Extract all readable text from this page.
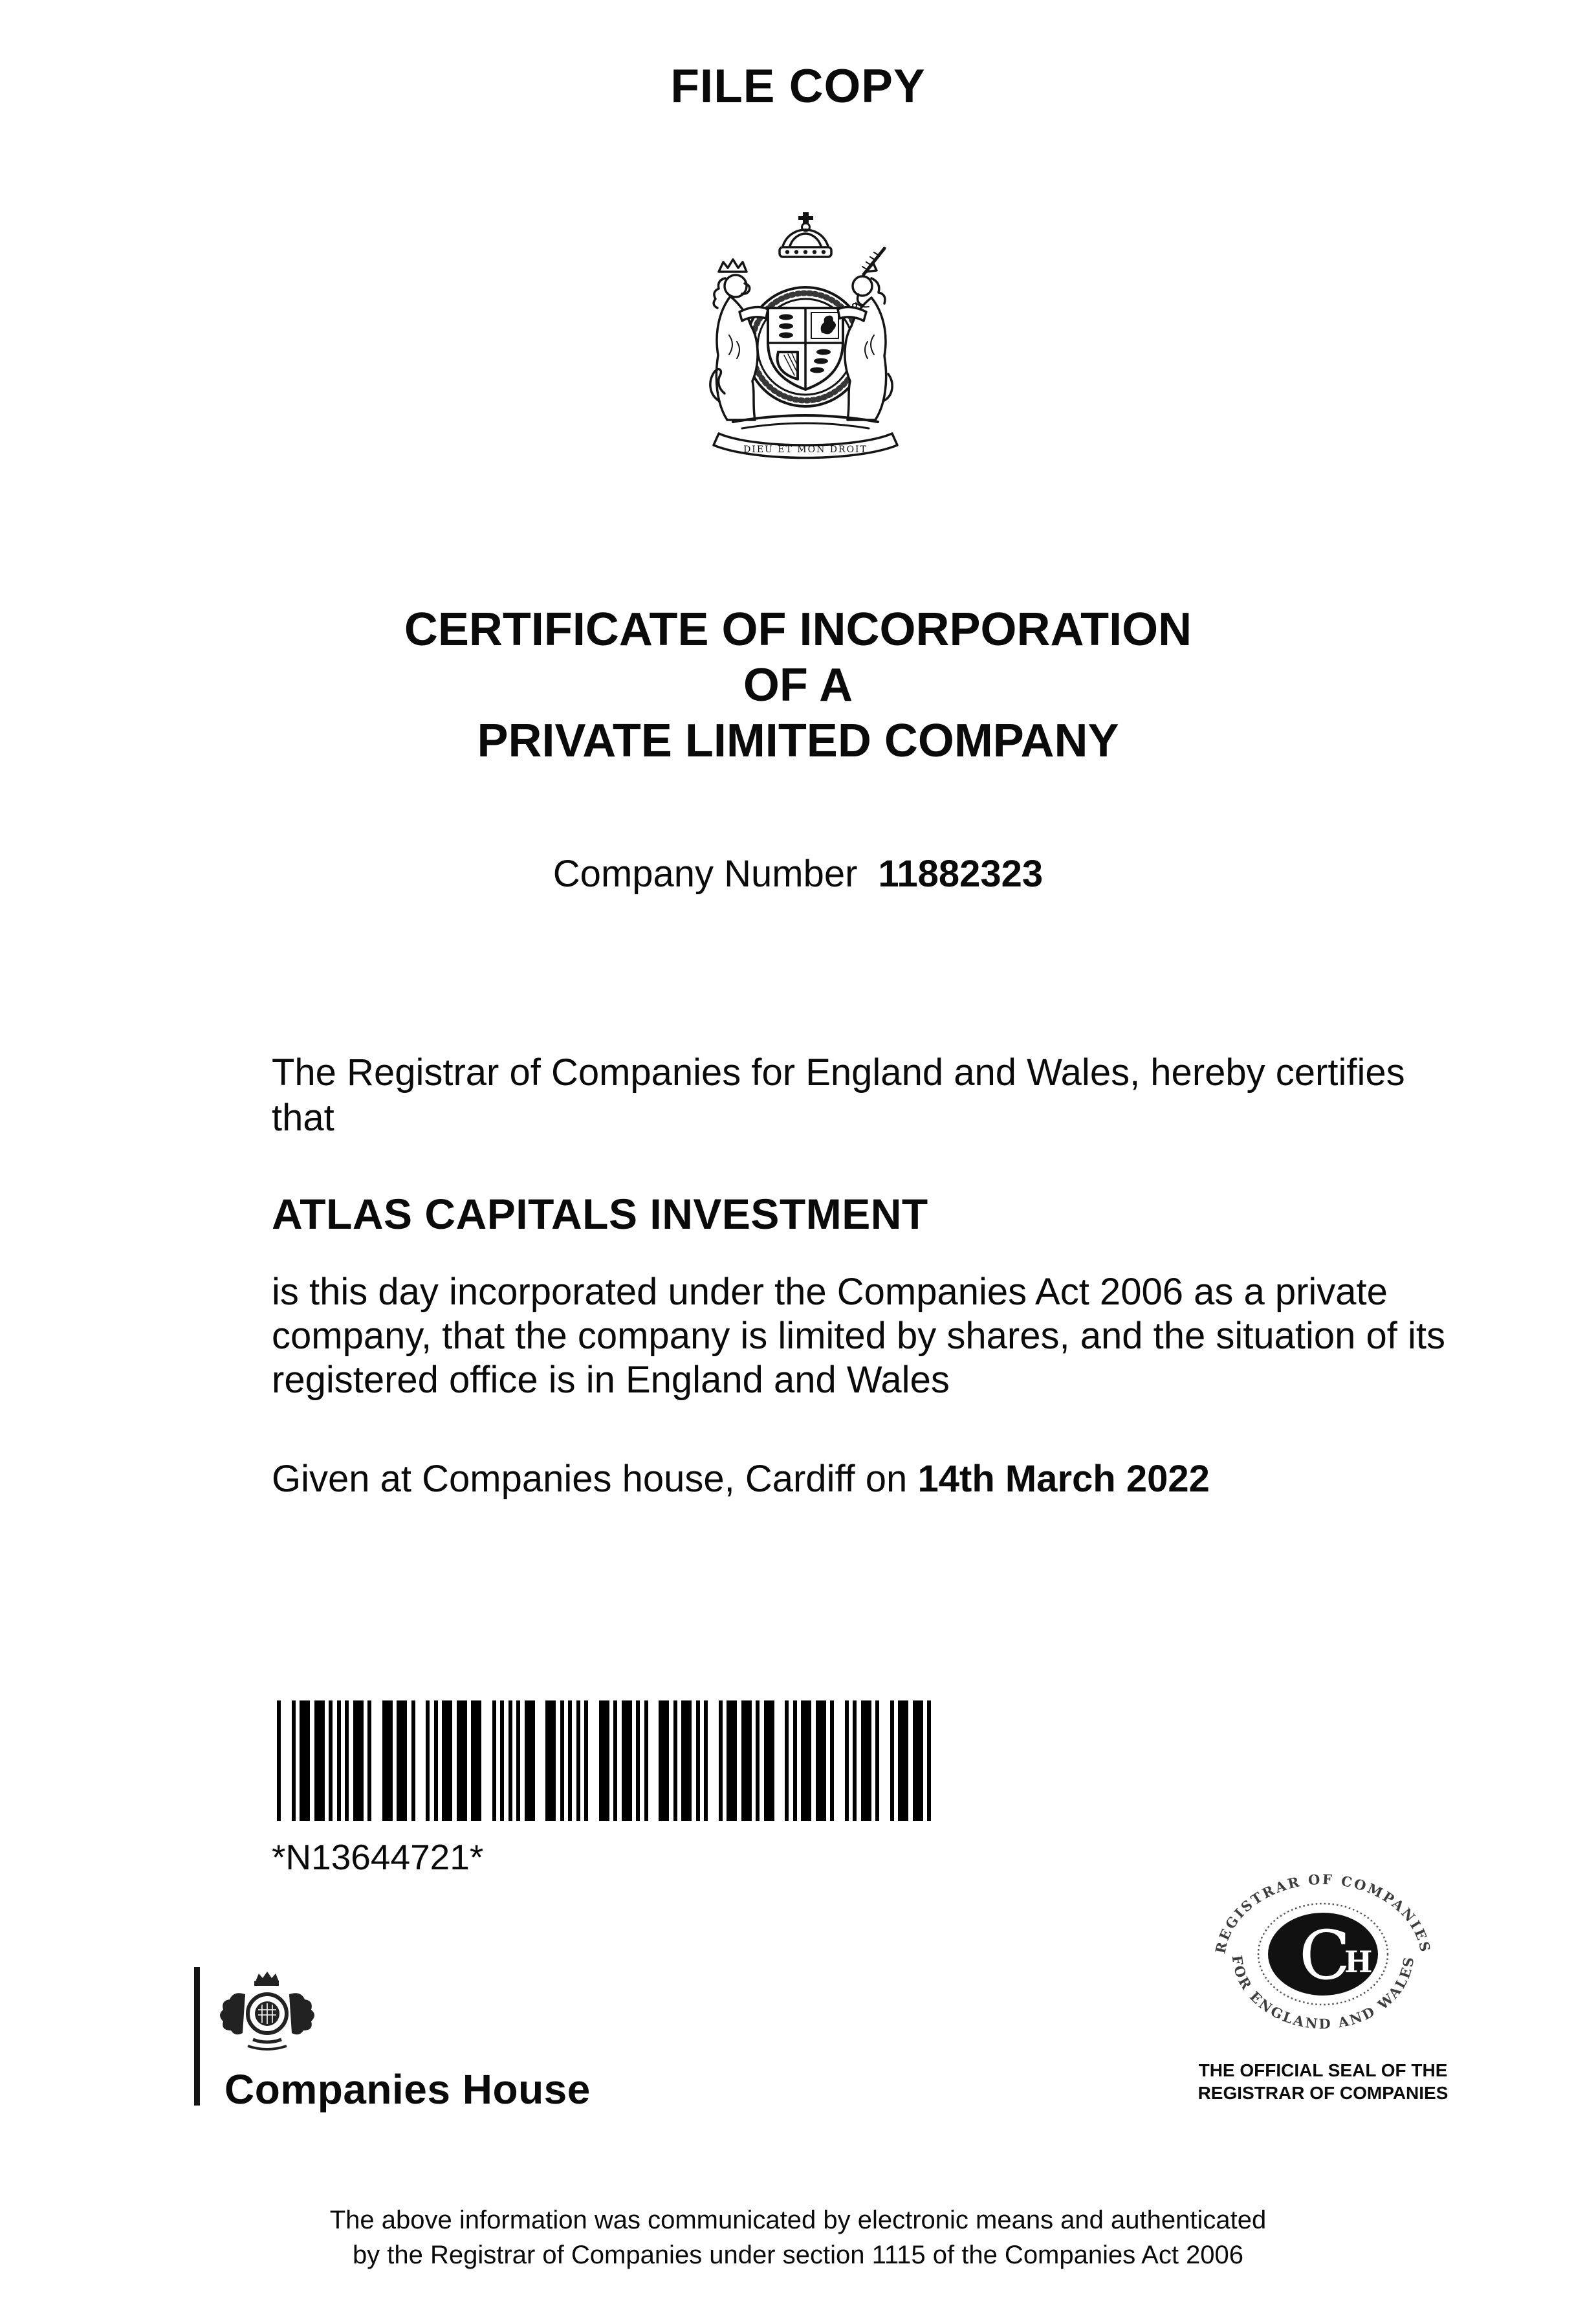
FILE COPY
DIEU ET MON DROIT
CERTIFICATE OF INCORPORATION
OF A
PRIVATE LIMITED COMPANY
Company Number 11882323
The Registrar of Companies for England and Wales, hereby certifies that
ATLAS CAPITALS INVESTMENT
is this day incorporated under the Companies Act 2006 as a private company, that the company is limited by shares, and the situation of its registered office is in England and Wales
Given at Companies house, Cardiff on 14th March 2022
*N13644721*
Companies House
REGISTRAR OF COMPANIES
FOR ENGLAND AND WALES
C
H
THE OFFICIAL SEAL OF THE
REGISTRAR OF COMPANIES
The above information was communicated by electronic means and authenticated
by the Registrar of Companies under section 1115 of the Companies Act 2006
